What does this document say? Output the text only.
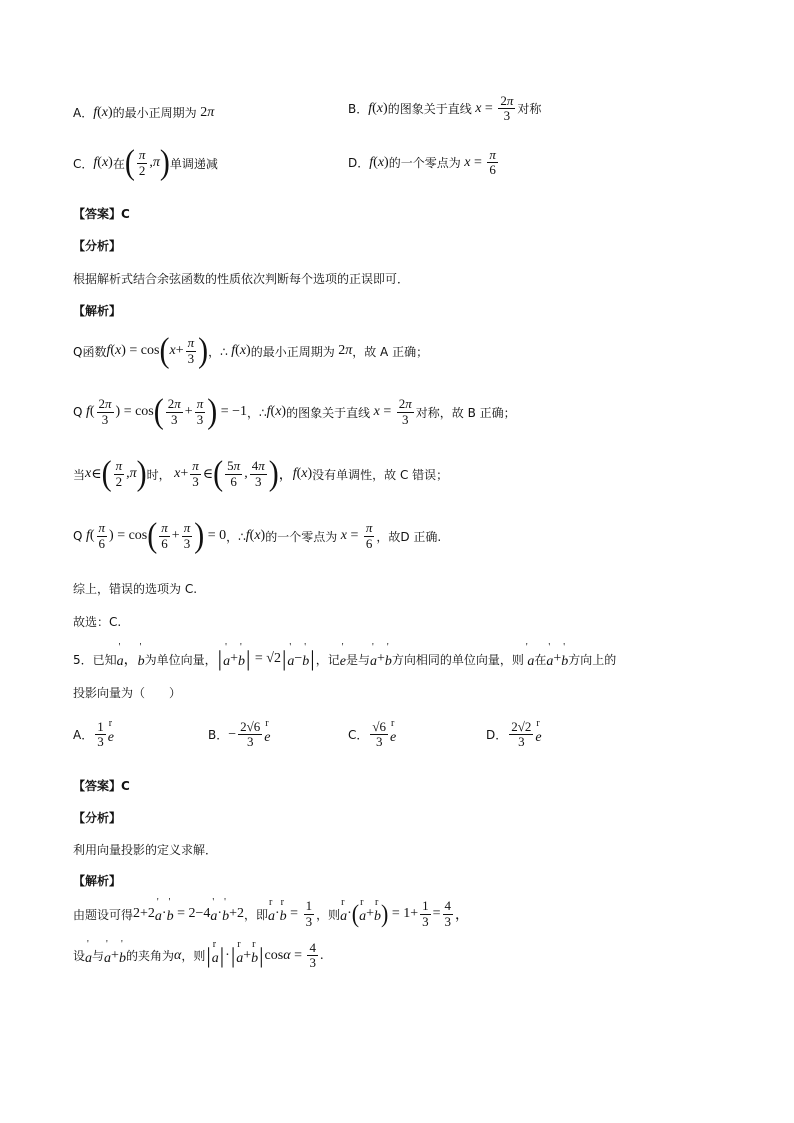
A． f ( x ) 的最小正周期为 2 π	B． f ( x ) 的图象关于直线 $x = \frac{2\pi}{3}$ 对称
C． f ( x ) 在 ( $\frac{\pi}{2}$ , π ) 单调递减	D． f ( x ) 的一个零点为 $x = \frac{\pi}{6}$
【答案】C
【分析】
根据解析式结合余弦函数的性质依次判断每个选项的正误即可．
【解析】
Q函数 f ( x ) = cos ( $x + \frac{\pi}{3}$ ) ，∴ f ( x ) 的最小正周期为 2 π ，故 A 正确；
Q f ( $\frac{2\pi}{3}$ ) = cos ( $\frac{2\pi}{3} + \frac{\pi}{3}$ ) = −1 ，∴ f ( x ) 的图象关于直线 $x = \frac{2\pi}{3}$ 对称，故 B 正确；
当 x ∈ ( $\frac{\pi}{2}$ , π ) 时， $x + \frac{\pi}{3}$ ∈ ( $\frac{5\pi}{6}$ , $\frac{4\pi}{3}$ ) ， f ( x ) 没有单调性，故 C 错误；
Q f ( $\frac{\pi}{6}$ ) = cos ( $\frac{\pi}{6} + \frac{\pi}{3}$ ) = 0 ，∴ f ( x ) 的一个零点为 $x = \frac{\pi}{6}$ ，故D 正确.
综上，错误的选项为 C.
故选：C.
5． 已知 ' a ， ' b 为单位向量， | ' a + ' b | = √2 | ' a − ' b | ，记 ' e 是与 ' a + ' b 方向相同的单位向量，则 '  a 在 ' a + ' b 方向上的
投影向量为（　　）
A． $\frac{1}{3}$ r e	B． − $\frac{2√6}{3}$ r e	C． $\frac{√6}{3}$ r e	D． $\frac{2√2}{3}$ r e
【答案】C
【分析】
利用向量投影的定义求解．
【解析】
由题设可得 2+2 ' a · ' b = 2−4 ' a · ' b +2 ，即 r a · r $b = \frac{1}{3}$ ，则 r a · ( r a + r b ) = $1+ \frac{1}{3} = \frac{4}{3}$ ，
设 ' a 与 ' a + ' b 的夹角为 α ，则 | r a | · | r a + r b | $\cos \alpha = \frac{4}{3}$ .
